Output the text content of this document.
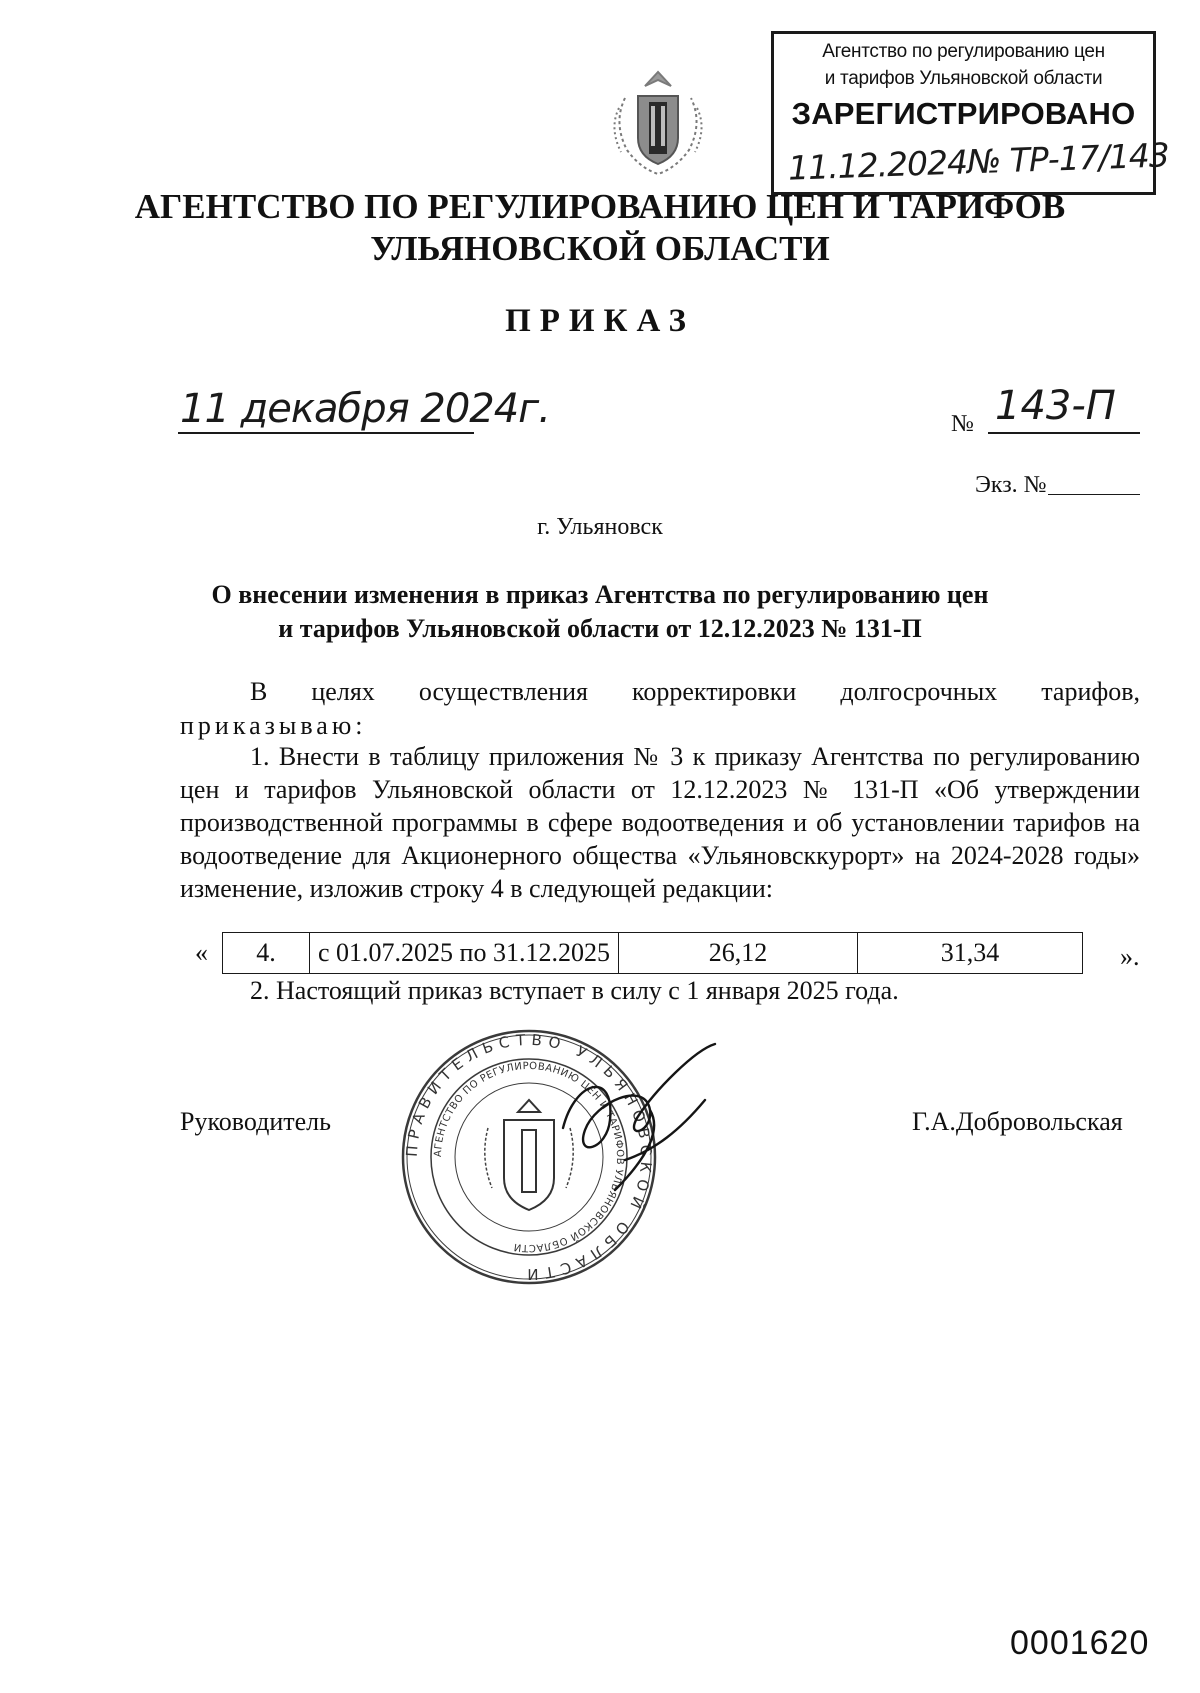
Агентство по регулированию цен
и тарифов Ульяновской области
ЗАРЕГИСТРИРОВАНО
11.12.2024№ ТР-17/143
АГЕНТСТВО ПО РЕГУЛИРОВАНИЮ ЦЕН И ТАРИФОВ
УЛЬЯНОВСКОЙ ОБЛАСТИ
ПРИКАЗ
11 декабря 2024г.	№ 143-П
Экз. №
г. Ульяновск
О внесении изменения в приказ Агентства по регулированию цен
и тарифов Ульяновской области от 12.12.2023 № 131-П
В целях осуществления корректировки долгосрочных тарифов,
приказываю:
1. Внести в таблицу приложения № 3 к приказу Агентства по регулированию цен и тарифов Ульяновской области от 12.12.2023 № 131-П «Об утверждении производственной программы в сфере водоотведения и об установлении тарифов на водоотведение для Акционерного общества «Ульяновсккурорт» на 2024-2028 годы» изменение, изложив строку 4 в следующей редакции:
« 4.	с 01.07.2025 по 31.12.2025	26,12	31,34	».
2. Настоящий приказ вступает в силу с 1 января 2025 года.
Руководитель	Г.А.Добровольская
ПРАВИТЕЛЬСТВО УЛЬЯНОВСКОЙ ОБЛАСТИ
АГЕНТСТВО ПО РЕГУЛИРОВАНИЮ ЦЕН И ТАРИФОВ УЛЬЯНОВСКОЙ ОБЛАСТИ
0001620
